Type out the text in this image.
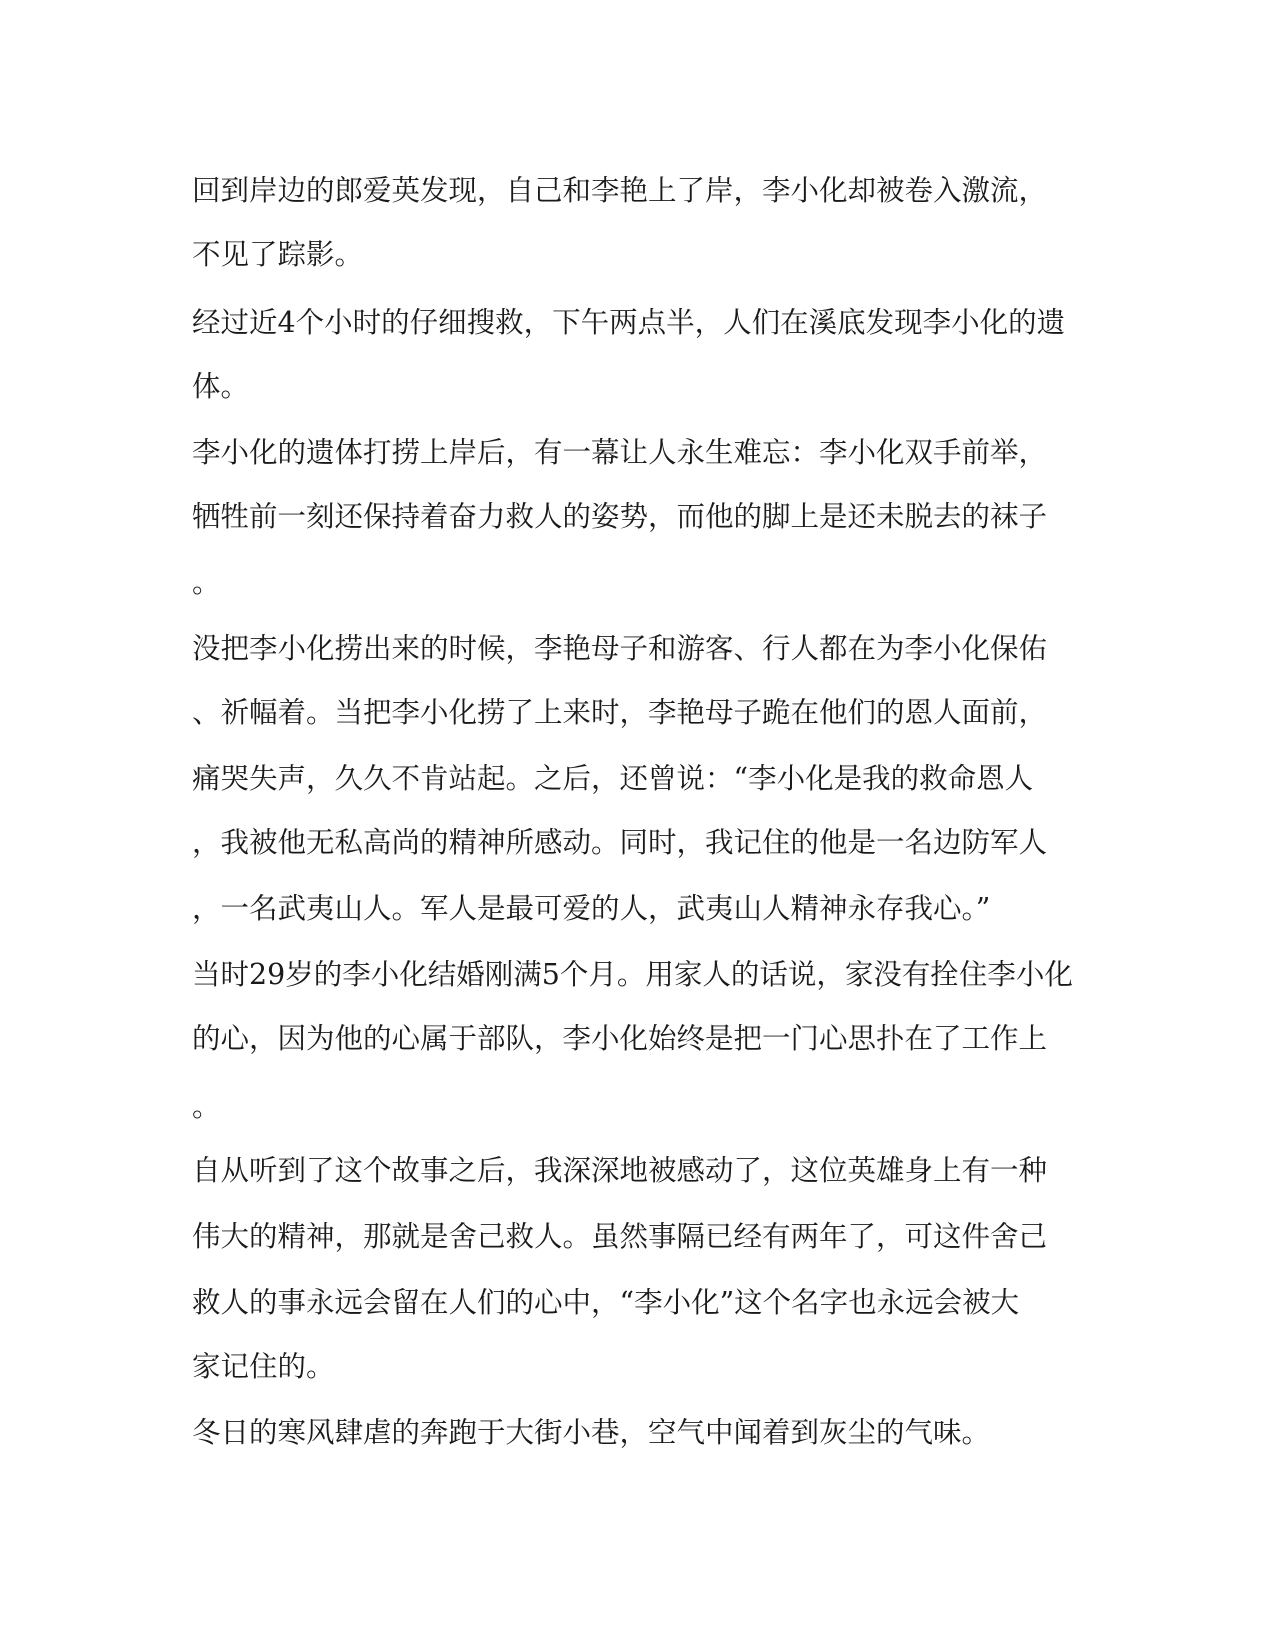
回到岸边的郎爱英发现，自己和李艳上了岸，李小化却被卷入激流，
不见了踪影。
经过近4个小时的仔细搜救，下午两点半，人们在溪底发现李小化的遗
体。
李小化的遗体打捞上岸后，有一幕让人永生难忘：李小化双手前举，
牺牲前一刻还保持着奋力救人的姿势，而他的脚上是还未脱去的袜子
。
没把李小化捞出来的时候，李艳母子和游客、行人都在为李小化保佑
、祈幅着。当把李小化捞了上来时，李艳母子跪在他们的恩人面前，
痛哭失声，久久不肯站起。之后，还曾说：“李小化是我的救命恩人
，我被他无私高尚的精神所感动。同时，我记住的他是一名边防军人
，一名武夷山人。军人是最可爱的人，武夷山人精神永存我心。”
当时29岁的李小化结婚刚满5个月。用家人的话说，家没有拴住李小化
的心，因为他的心属于部队，李小化始终是把一门心思扑在了工作上
。
自从听到了这个故事之后，我深深地被感动了，这位英雄身上有一种
伟大的精神，那就是舍己救人。虽然事隔已经有两年了，可这件舍己
救人的事永远会留在人们的心中，“李小化”这个名字也永远会被大
家记住的。
冬日的寒风肆虐的奔跑于大街小巷，空气中闻着到灰尘的气味。
